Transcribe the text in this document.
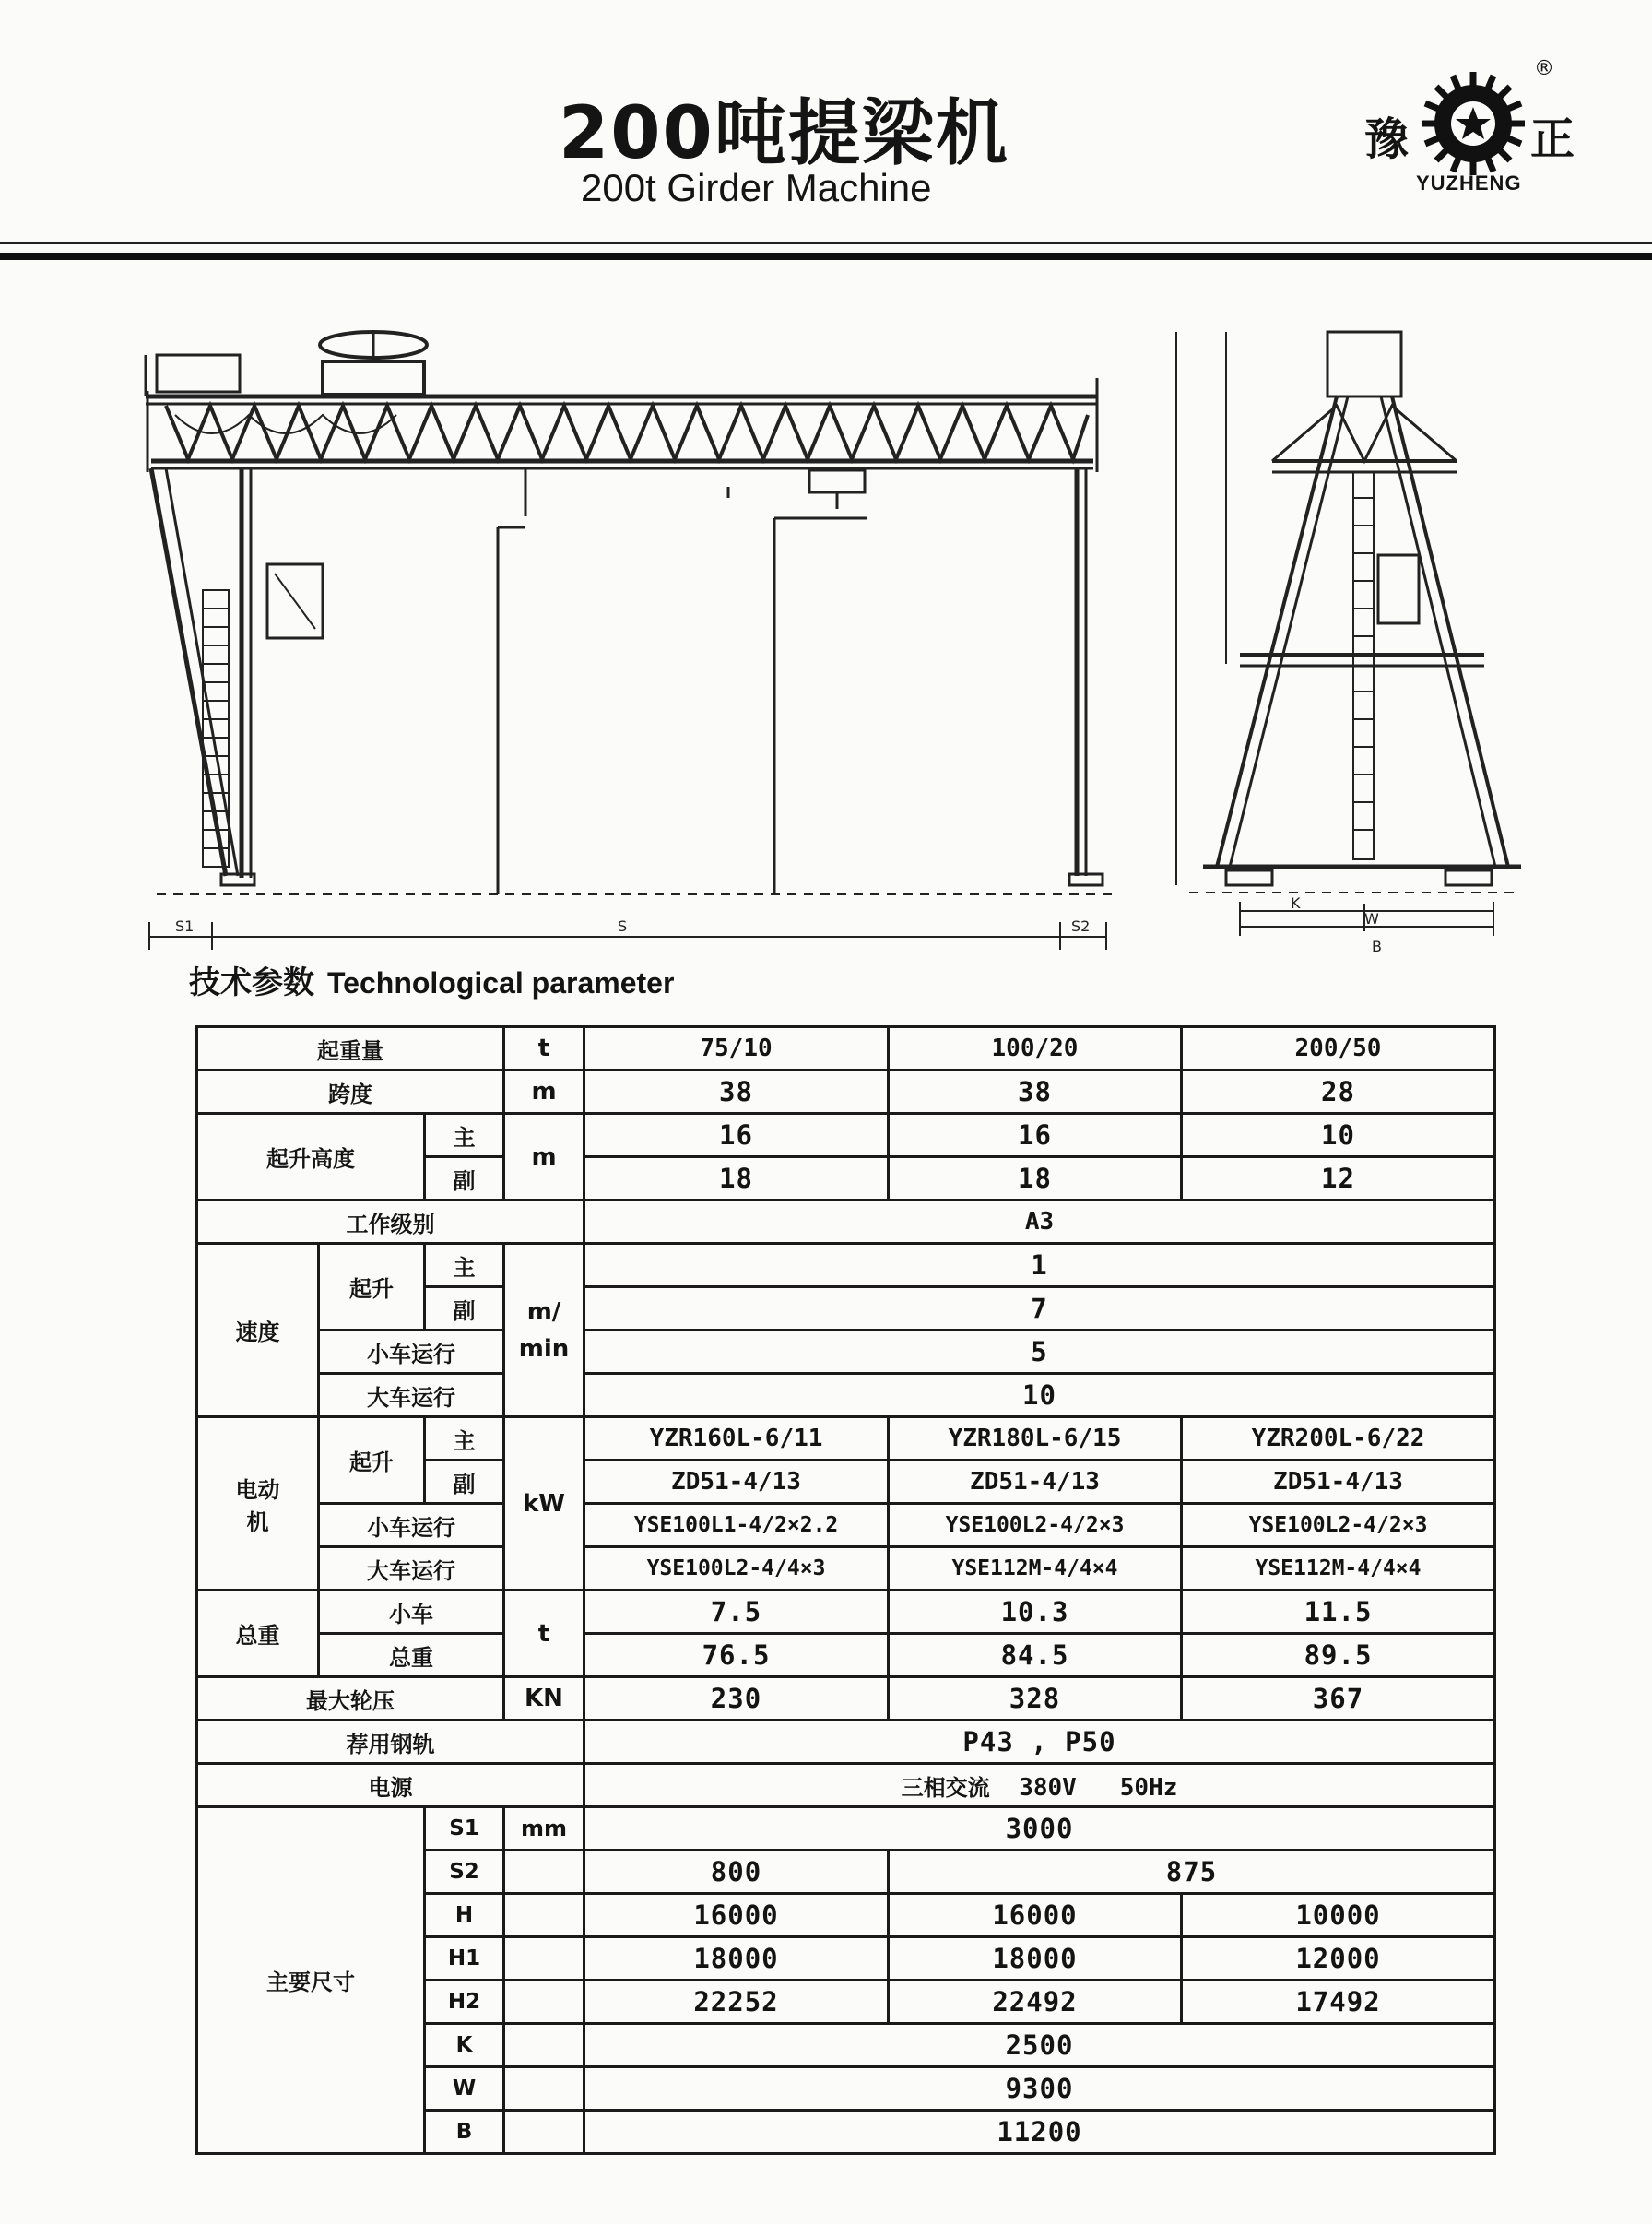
200吨提梁机
200t Girder Machine
豫	正
®
YUZHENG
S
S1	S2
K
W
B
技术参数 Technological parameter
起重量			t	75/10	100/20	200/50
跨度			m	38	38	28
起升高度		主	m	16	16	10
		副		18	18	12
工作级别				A3		
速度	起升	主	m/ min	1		
		副		7		
	小车运行			5		
	大车运行			10		
电动机	起升	主	kW	YZR160L-6/11	YZR180L-6/15	YZR200L-6/22
		副		ZD51-4/13	ZD51-4/13	ZD51-4/13
	小车运行			YSE100L1-4/2×2.2	YSE100L2-4/2×3	YSE100L2-4/2×3
	大车运行			YSE100L2-4/4×3	YSE112M-4/4×4	YSE112M-4/4×4
总重	小车		t	7.5	10.3	11.5
	总重			76.5	84.5	89.5
最大轮压			KN	230	328	367
荐用钢轨				P43 , P50		
电源				三相交流 380V   50Hz		
主要尺寸		S1	mm	3000		
		S2		800	875	
		H		16000	16000	10000
		H1		18000	18000	12000
		H2		22252	22492	17492
		K		2500		
		W		9300		
		B		11200		
